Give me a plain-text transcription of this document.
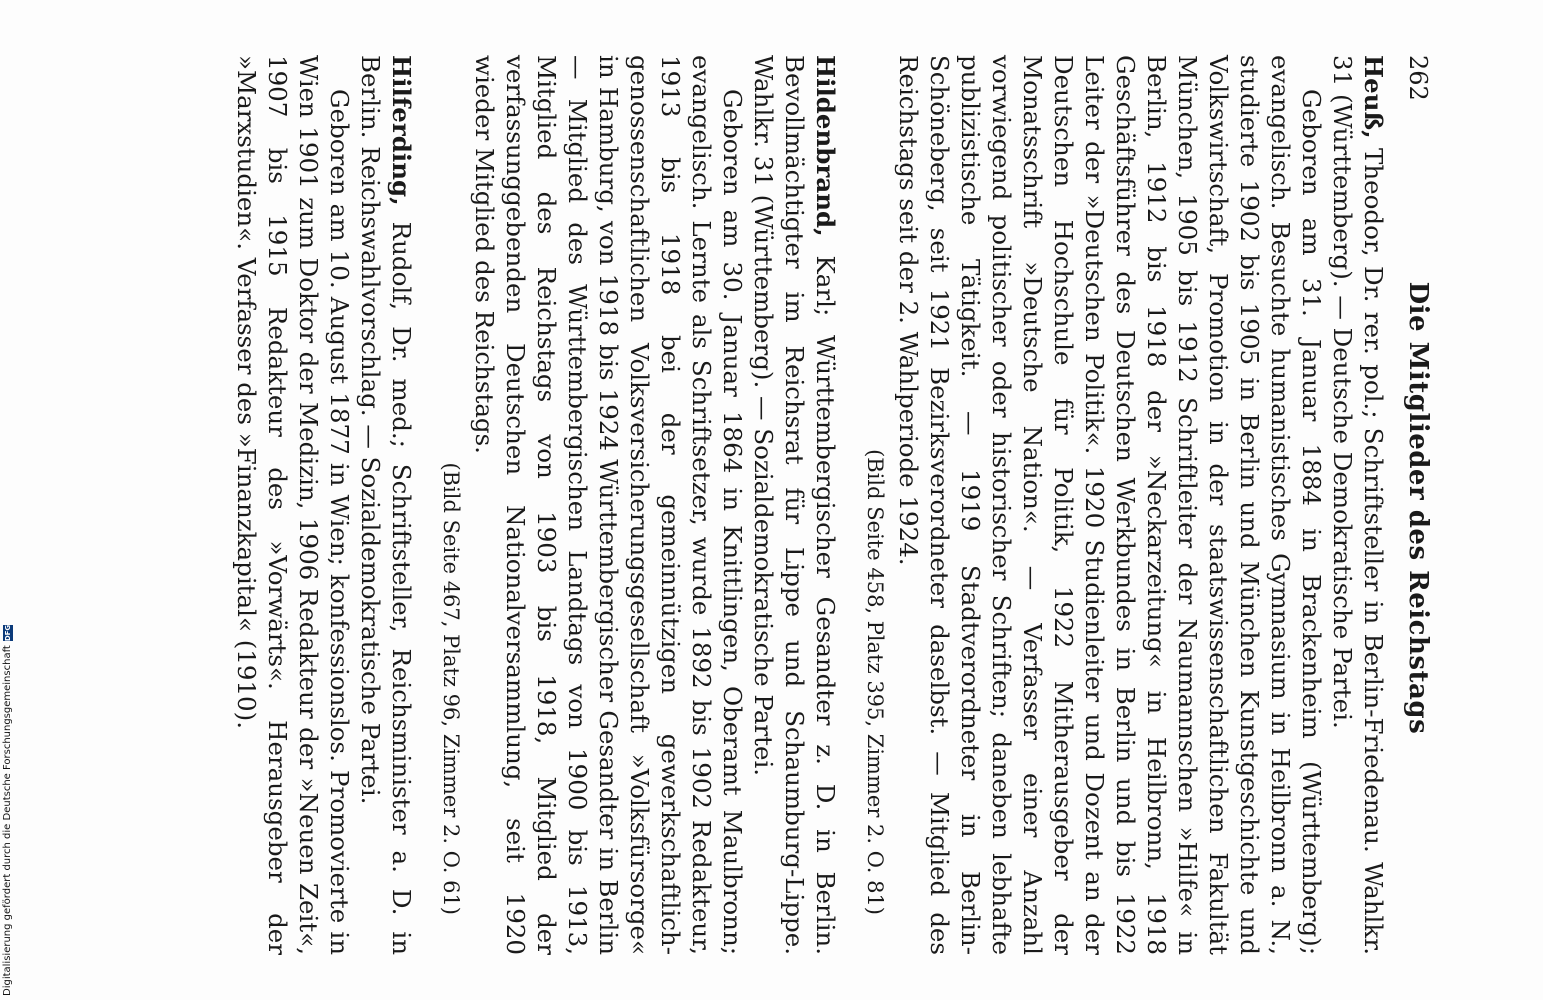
262
Die Mitglieder des Reichstags

Heuß, Theodor, Dr. rer. pol.; Schriftsteller in Berlin-Friedenau. Wahlkr. 31 (Württemberg). — Deutsche Demokratische Partei.

Geboren am 31. Januar 1884 in Brackenheim (Württemberg); evangelisch. Besuchte humanistisches Gymnasium in Heilbronn a. N., studierte 1902 bis 1905 in Berlin und München Kunstgeschichte und Volkswirtschaft, Promotion in der staatswissenschaftlichen Fakultät München, 1905 bis 1912 Schriftleiter der Naumannschen »Hilfe« in Berlin, 1912 bis 1918 der »Neckarzeitung« in Heilbronn, 1918 Geschäftsführer des Deutschen Werkbundes in Berlin und bis 1922 Leiter der »Deutschen Politik«. 1920 Studienleiter und Dozent an der Deutschen Hochschule für Politik, 1922 Mitherausgeber der Monatsschrift »Deutsche Nation«. — Verfasser einer Anzahl vorwiegend politischer oder historischer Schriften; daneben lebhafte publizistische Tätigkeit. — 1919 Stadtverordneter in Berlin-Schöneberg, seit 1921 Bezirksverordneter daselbst. — Mitglied des Reichstags seit der 2. Wahlperiode 1924.

(Bild Seite 458, Platz 395, Zimmer 2. O. 81)

Hildenbrand, Karl; Württembergischer Gesandter z. D. in Berlin. Bevollmächtigter im Reichsrat für Lippe und Schaumburg-Lippe. Wahlkr. 31 (Württemberg). — Sozialdemokratische Partei.

Geboren am 30. Januar 1864 in Knittlingen, Oberamt Maulbronn; evangelisch. Lernte als Schriftsetzer, wurde 1892 bis 1902 Redakteur, 1913 bis 1918 bei der gemeinnützigen gewerkschaftlich-genossenschaftlichen Volksversicherungsgesellschaft »Volksfürsorge« in Hamburg, von 1918 bis 1924 Württembergischer Gesandter in Berlin — Mitglied des Württembergischen Landtags von 1900 bis 1913, Mitglied des Reichstags von 1903 bis 1918, Mitglied der verfassunggebenden Deutschen Nationalversammlung, seit 1920 wieder Mitglied des Reichstags.

(Bild Seite 467, Platz 96, Zimmer 2. O. 61)

Hilferding, Rudolf, Dr. med.; Schriftsteller, Reichsminister a. D. in Berlin. Reichswahlvorschlag. — Sozialdemokratische Partei.

Geboren am 10. August 1877 in Wien; konfessionslos. Promovierte in Wien 1901 zum Doktor der Medizin, 1906 Redakteur der »Neuen Zeit«, 1907 bis 1915 Redakteur des »Vorwärts«. Herausgeber der »Marxstudien«. Verfasser des »Finanzkapital« (1910).

Digitalisierung gefördert durch die Deutsche Forschungsgemeinschaft
DFG
